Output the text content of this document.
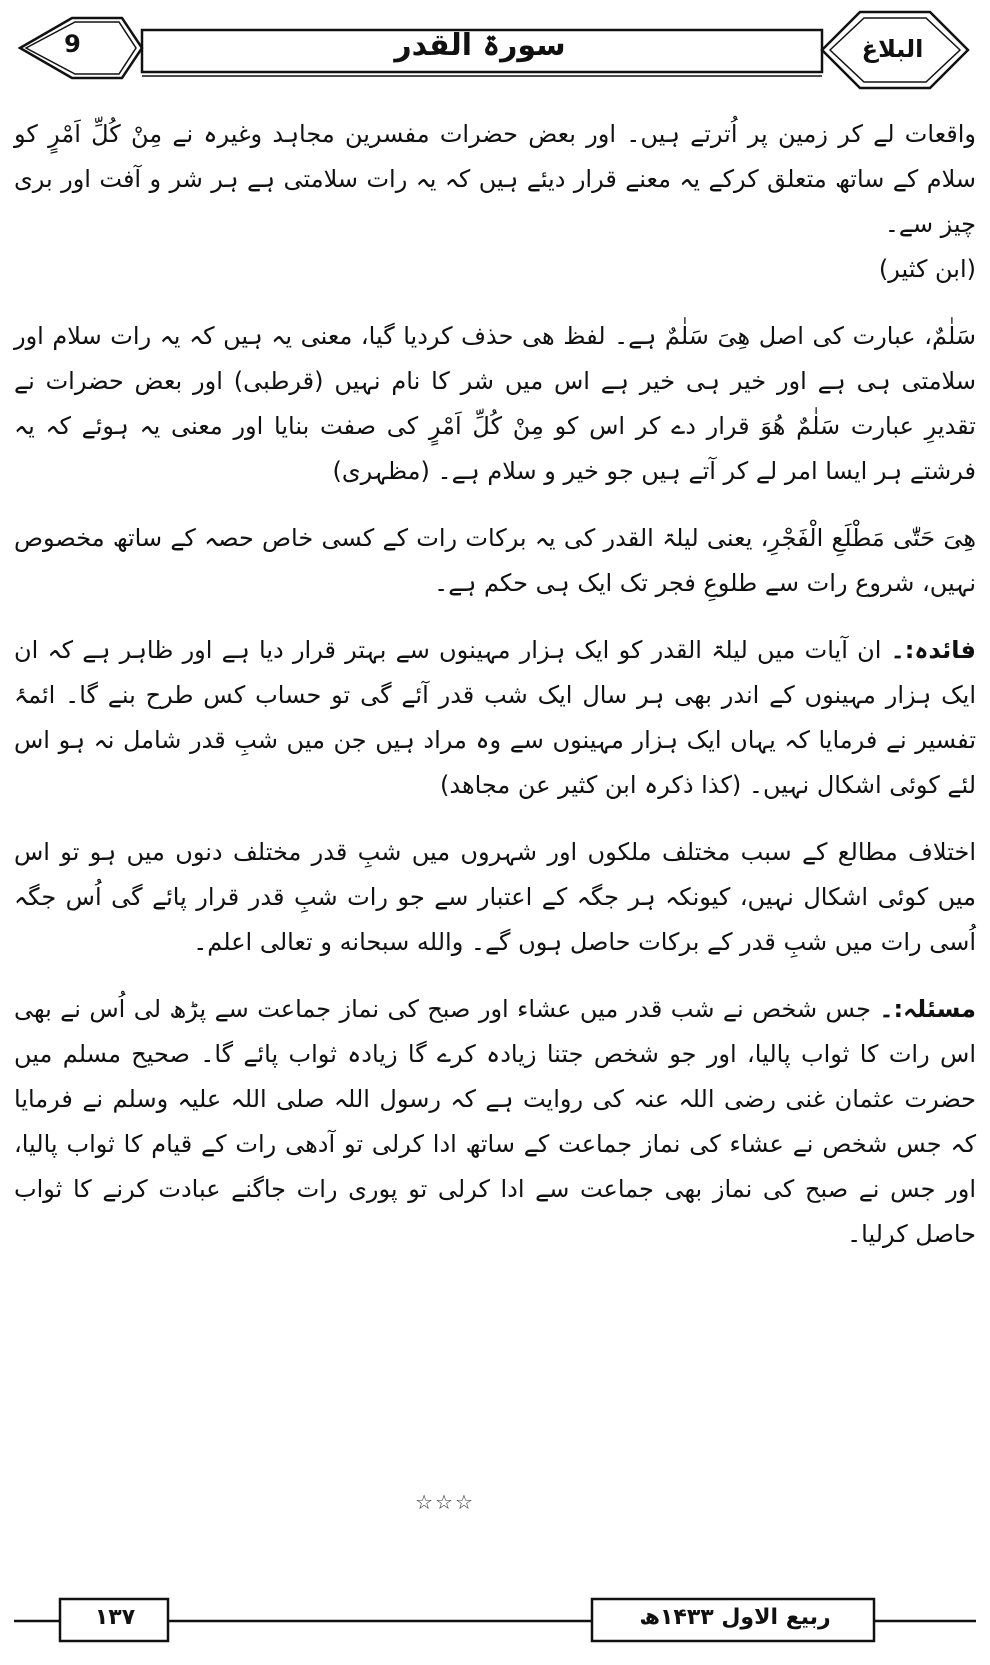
9	سورۃ القدر	البلاغ

واقعات لے کر زمین پر اُترتے ہیں۔ اور بعض حضرات مفسرین مجاہد وغیرہ نے مِنْ کُلِّ اَمْرٍ کو سلام کے ساتھ متعلق کرکے یہ معنے قرار دیئے ہیں کہ یہ رات سلامتی ہے ہر شر و آفت اور بری چیز سے۔
(ابن کثیر)

سَلٰمٌ، عبارت کی اصل هِیَ سَلٰمٌ ہے۔ لفظ هی حذف کردیا گیا، معنی یہ ہیں کہ یہ رات سلام اور سلامتی ہی ہے اور خیر ہی خیر ہے اس میں شر کا نام نہیں (قرطبی) اور بعض حضرات نے تقدیرِ عبارت سَلٰمٌ هُوَ قرار دے کر اس کو مِنْ کُلِّ اَمْرٍ کی صفت بنایا اور معنی یہ ہوئے کہ یہ فرشتے ہر ایسا امر لے کر آتے ہیں جو خیر و سلام ہے۔ (مظہری)

هِیَ حَتّٰی مَطْلَعِ الْفَجْرِ، یعنی لیلۃ القدر کی یہ برکات رات کے کسی خاص حصہ کے ساتھ مخصوص نہیں، شروع رات سے طلوعِ فجر تک ایک ہی حکم ہے۔

فائدہ:۔ ان آیات میں لیلۃ القدر کو ایک ہزار مہینوں سے بہتر قرار دیا ہے اور ظاہر ہے کہ ان ایک ہزار مہینوں کے اندر بھی ہر سال ایک شب قدر آئے گی تو حساب کس طرح بنے گا۔ ائمۂ تفسیر نے فرمایا کہ یہاں ایک ہزار مہینوں سے وہ مراد ہیں جن میں شبِ قدر شامل نہ ہو اس لئے کوئی اشکال نہیں۔ (کذا ذکرہ ابن کثیر عن مجاهد)

اختلاف مطالع کے سبب مختلف ملکوں اور شہروں میں شبِ قدر مختلف دنوں میں ہو تو اس میں کوئی اشکال نہیں، کیونکہ ہر جگہ کے اعتبار سے جو رات شبِ قدر قرار پائے گی اُس جگہ اُسی رات میں شبِ قدر کے برکات حاصل ہوں گے۔ والله سبحانه و تعالی اعلم۔

مسئلہ:۔ جس شخص نے شب قدر میں عشاء اور صبح کی نماز جماعت سے پڑھ لی اُس نے بھی اس رات کا ثواب پالیا، اور جو شخص جتنا زیادہ کرے گا زیادہ ثواب پائے گا۔ صحیح مسلم میں حضرت عثمان غنی رضی اللہ عنہ کی روایت ہے کہ رسول اللہ صلی اللہ علیہ وسلم نے فرمایا کہ جس شخص نے عشاء کی نماز جماعت کے ساتھ ادا کرلی تو آدھی رات کے قیام کا ثواب پالیا، اور جس نے صبح کی نماز بھی جماعت سے ادا کرلی تو پوری رات جاگنے عبادت کرنے کا ثواب حاصل کرلیا۔

☆☆☆
۱۳۷	ربیع الاول ۱۴۳۳ھ
